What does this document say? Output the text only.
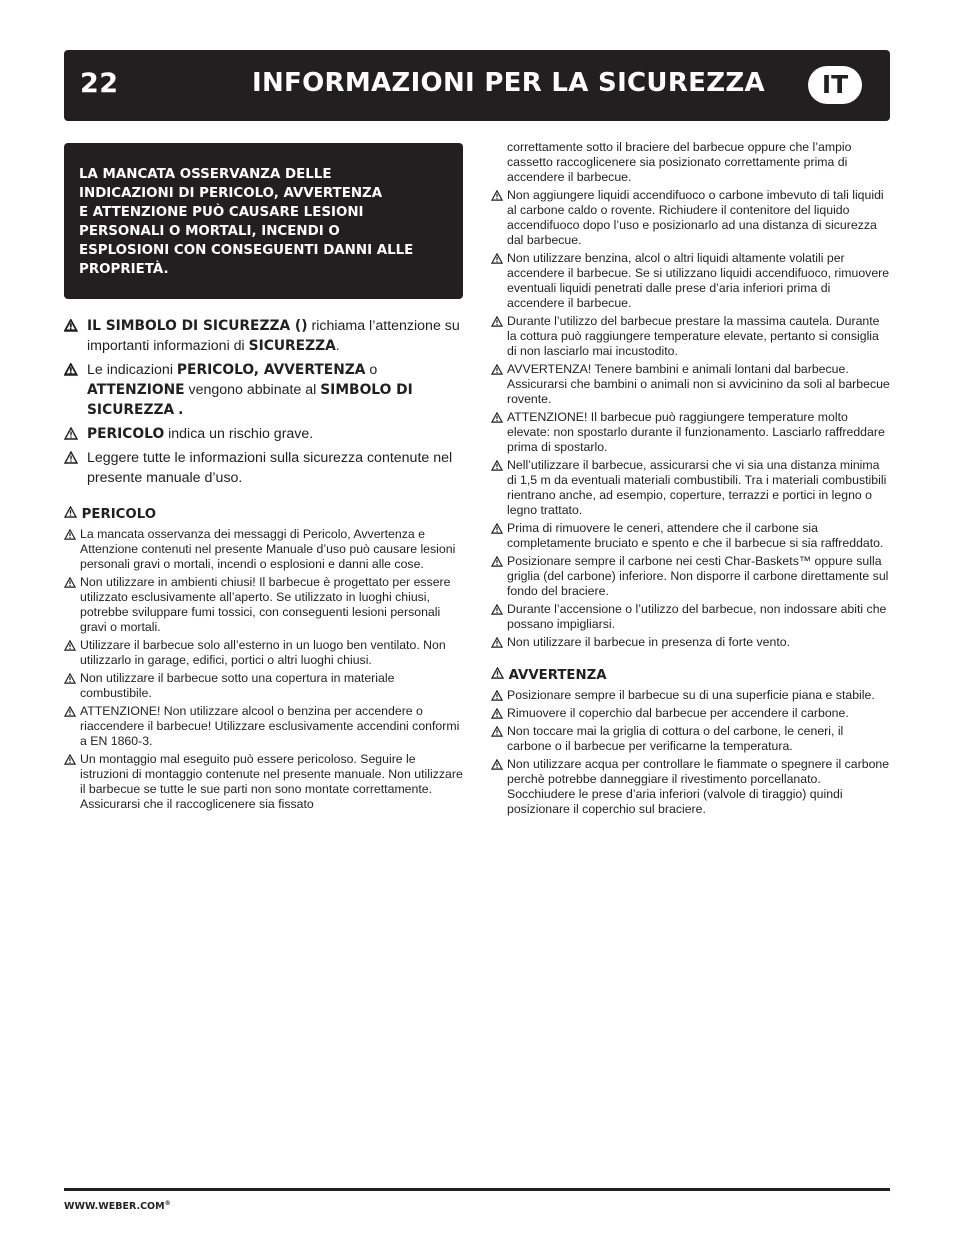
22	INFORMAZIONI PER LA SICUREZZA	IT
LA MANCATA OSSERVANZA DELLE
INDICAZIONI DI PERICOLO, AVVERTENZA
E ATTENZIONE PUÒ CAUSARE LESIONI
PERSONALI O MORTALI, INCENDI O
ESPLOSIONI CON CONSEGUENTI DANNI ALLE
PROPRIETÀ.
IL SIMBOLO DI SICUREZZA (
) richiama l’attenzione su importanti informazioni di SICUREZZA.
Le indicazioni PERICOLO, AVVERTENZA o ATTENZIONE vengono abbinate al SIMBOLO DI SICUREZZA .
PERICOLO indica un rischio grave.
Leggere tutte le informazioni sulla sicurezza contenute nel presente manuale d’uso.
PERICOLO
La mancata osservanza dei messaggi di Pericolo, Avvertenza e Attenzione contenuti nel presente Manuale d’uso può causare lesioni personali gravi o mortali, incendi o esplosioni e danni alle cose.
Non utilizzare in ambienti chiusi! Il barbecue è progettato per essere utilizzato esclusivamente all’aperto. Se utilizzato in luoghi chiusi, potrebbe sviluppare fumi tossici, con conseguenti lesioni personali gravi o mortali.
Utilizzare il barbecue solo all’esterno in un luogo ben ventilato. Non utilizzarlo in garage, edifici, portici o altri luoghi chiusi.
Non utilizzare il barbecue sotto una copertura in materiale combustibile.
ATTENZIONE! Non utilizzare alcool o benzina per accendere o riaccendere il barbecue! Utilizzare esclusivamente accendini conformi a EN 1860-3.
Un montaggio mal eseguito può essere pericoloso. Seguire le istruzioni di montaggio contenute nel presente manuale. Non utilizzare il barbecue se tutte le sue parti non sono montate correttamente. Assicurarsi che il raccoglicenere sia fissato
correttamente sotto il braciere del barbecue oppure che l’ampio cassetto raccoglicenere sia posizionato correttamente prima di accendere il barbecue.
Non aggiungere liquidi accendifuoco o carbone imbevuto di tali liquidi al carbone caldo o rovente. Richiudere il contenitore del liquido accendifuoco dopo l’uso e posizionarlo ad una distanza di sicurezza dal barbecue.
Non utilizzare benzina, alcol o altri liquidi altamente volatili per accendere il barbecue. Se si utilizzano liquidi accendifuoco, rimuovere eventuali liquidi penetrati dalle prese d’aria inferiori prima di accendere il barbecue.
Durante l’utilizzo del barbecue prestare la massima cautela. Durante la cottura può raggiungere temperature elevate, pertanto si consiglia di non lasciarlo mai incustodito.
AVVERTENZA! Tenere bambini e animali lontani dal barbecue. Assicurarsi che bambini o animali non si avvicinino da soli al barbecue rovente.
ATTENZIONE! Il barbecue può raggiungere temperature molto elevate: non spostarlo durante il funzionamento. Lasciarlo raffreddare prima di spostarlo.
Nell’utilizzare il barbecue, assicurarsi che vi sia una distanza minima di 1,5 m da eventuali materiali combustibili. Tra i materiali combustibili rientrano anche, ad esempio, coperture, terrazzi e portici in legno o legno trattato.
Prima di rimuovere le ceneri, attendere che il carbone sia completamente bruciato e spento e che il barbecue si sia raffreddato.
Posizionare sempre il carbone nei cesti Char-Baskets™ oppure sulla griglia (del carbone) inferiore. Non disporre il carbone direttamente sul fondo del braciere.
Durante l’accensione o l’utilizzo del barbecue, non indossare abiti che possano impigliarsi.
Non utilizzare il barbecue in presenza di forte vento.
AVVERTENZA
Posizionare sempre il barbecue su di una superficie piana e stabile.
Rimuovere il coperchio dal barbecue per accendere il carbone.
Non toccare mai la griglia di cottura o del carbone, le ceneri, il carbone o il barbecue per verificarne la temperatura.
Non utilizzare acqua per controllare le fiammate o spegnere il carbone perchè potrebbe danneggiare il rivestimento porcellanato. Socchiudere le prese d’aria inferiori (valvole di tiraggio) quindi posizionare il coperchio sul braciere.
WWW.WEBER.COM®
